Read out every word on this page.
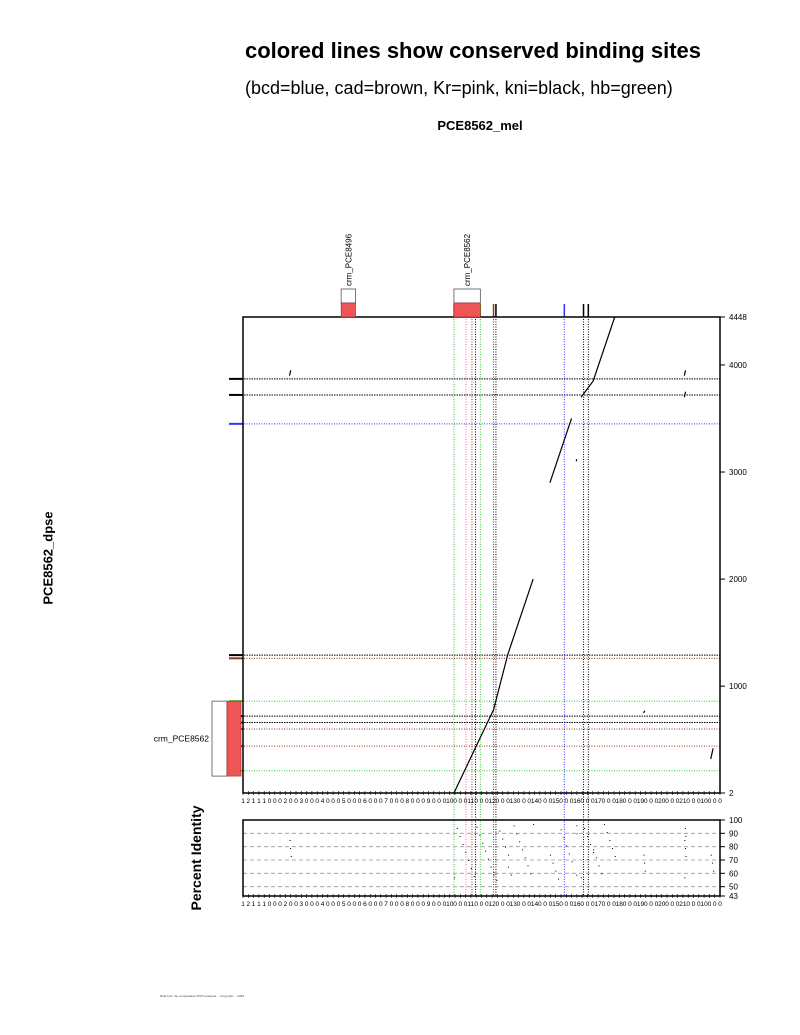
colored lines show conserved binding sites
(bcd=blue, cad=brown, Kr=pink, kni=black, hb=green)
PCE8562_mel
PCE8562_dpse
Percent Identity
Data from the comparative VISTA analysis ... Copyright ... 2003
2
1000
2000
3000
4000
4448
100
90
80
70
60
50
43
1 2 1 1 1 0 0 0 2 0 0 3 0 0 0 4 0 0 0 5 0 0 0 6 0 0 0 7 0 0 0 8 0 0 0 9 0 0 0 10 0 0 0 11 0 0 0 12 0 0 0 13 0 0 0 14 0 0 0 15 0 0 0 16 0 0 0 17 0 0 0 18 0 0 0 19 0 0 0 20 0 0 0 21 0 0 0 10 0 0 0
1 2 1 1 1 0 0 0 2 0 0 3 0 0 0 4 0 0 0 5 0 0 0 6 0 0 0 7 0 0 0 8 0 0 0 9 0 0 0 10 0 0 0 11 0 0 0 12 0 0 0 13 0 0 0 14 0 0 0 15 0 0 0 16 0 0 0 17 0 0 0 18 0 0 0 19 0 0 0 20 0 0 0 21 0 0 0 10 0 0 0
crm_PCE8496	crm_PCE8562
crm_PCE8562
